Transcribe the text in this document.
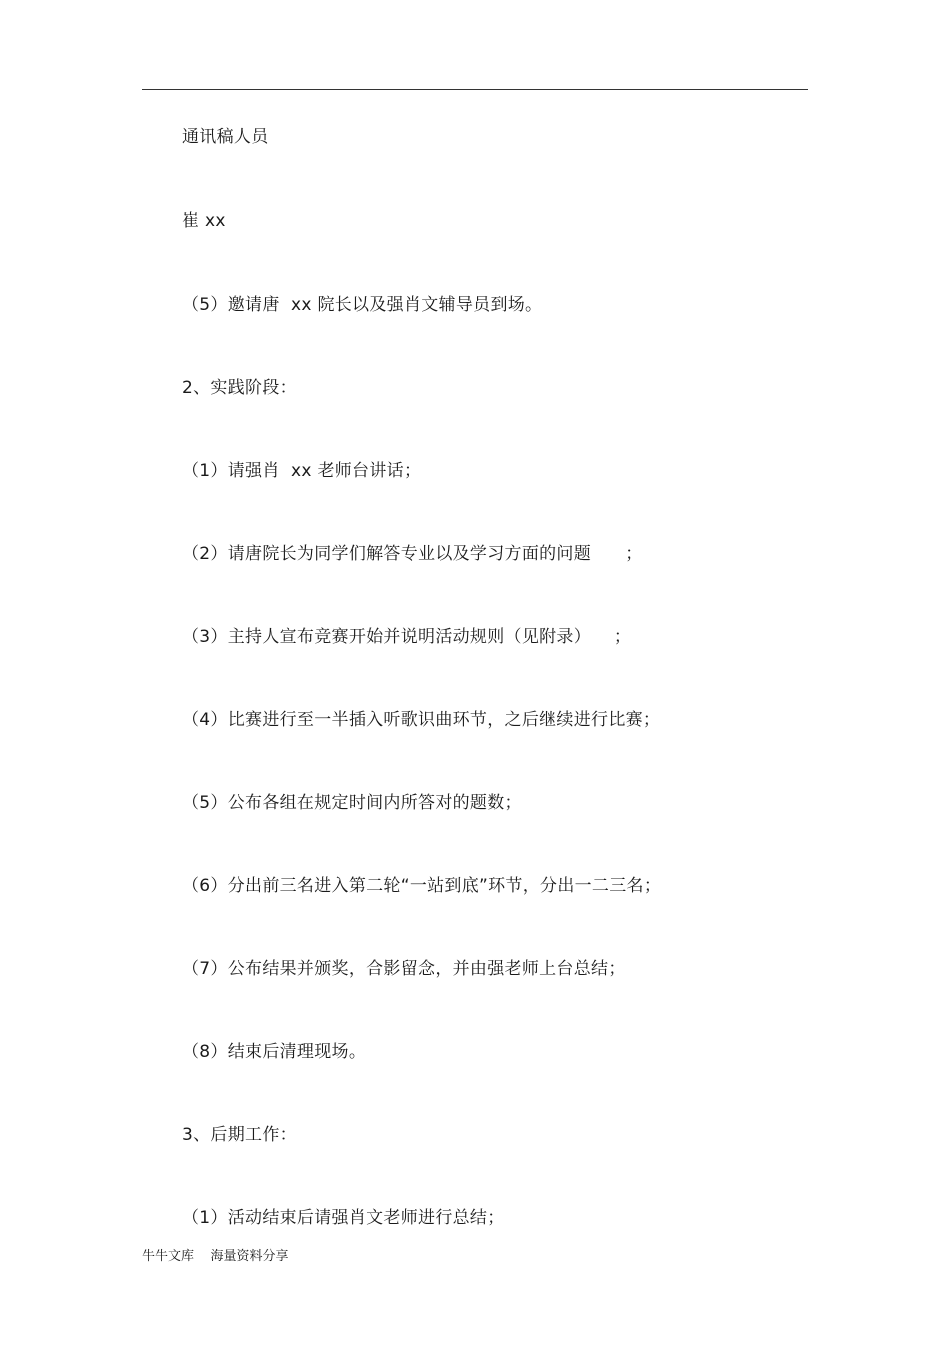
通讯稿人员
崔 xx
（5）邀请唐  xx 院长以及强肖文辅导员到场。
2、实践阶段：
（1）请强肖  xx 老师台讲话；
（2）请唐院长为同学们解答专业以及学习方面的问题      ；
（3）主持人宣布竞赛开始并说明活动规则（见附录）    ；
（4）比赛进行至一半插入听歌识曲环节，之后继续进行比赛；
（5）公布各组在规定时间内所答对的题数；
（6）分出前三名进入第二轮“一站到底”环节，分出一二三名；
（7）公布结果并颁奖，合影留念，并由强老师上台总结；
（8）结束后清理现场。
3、后期工作：
（1）活动结束后请强肖文老师进行总结；
牛牛文库    海量资料分享
